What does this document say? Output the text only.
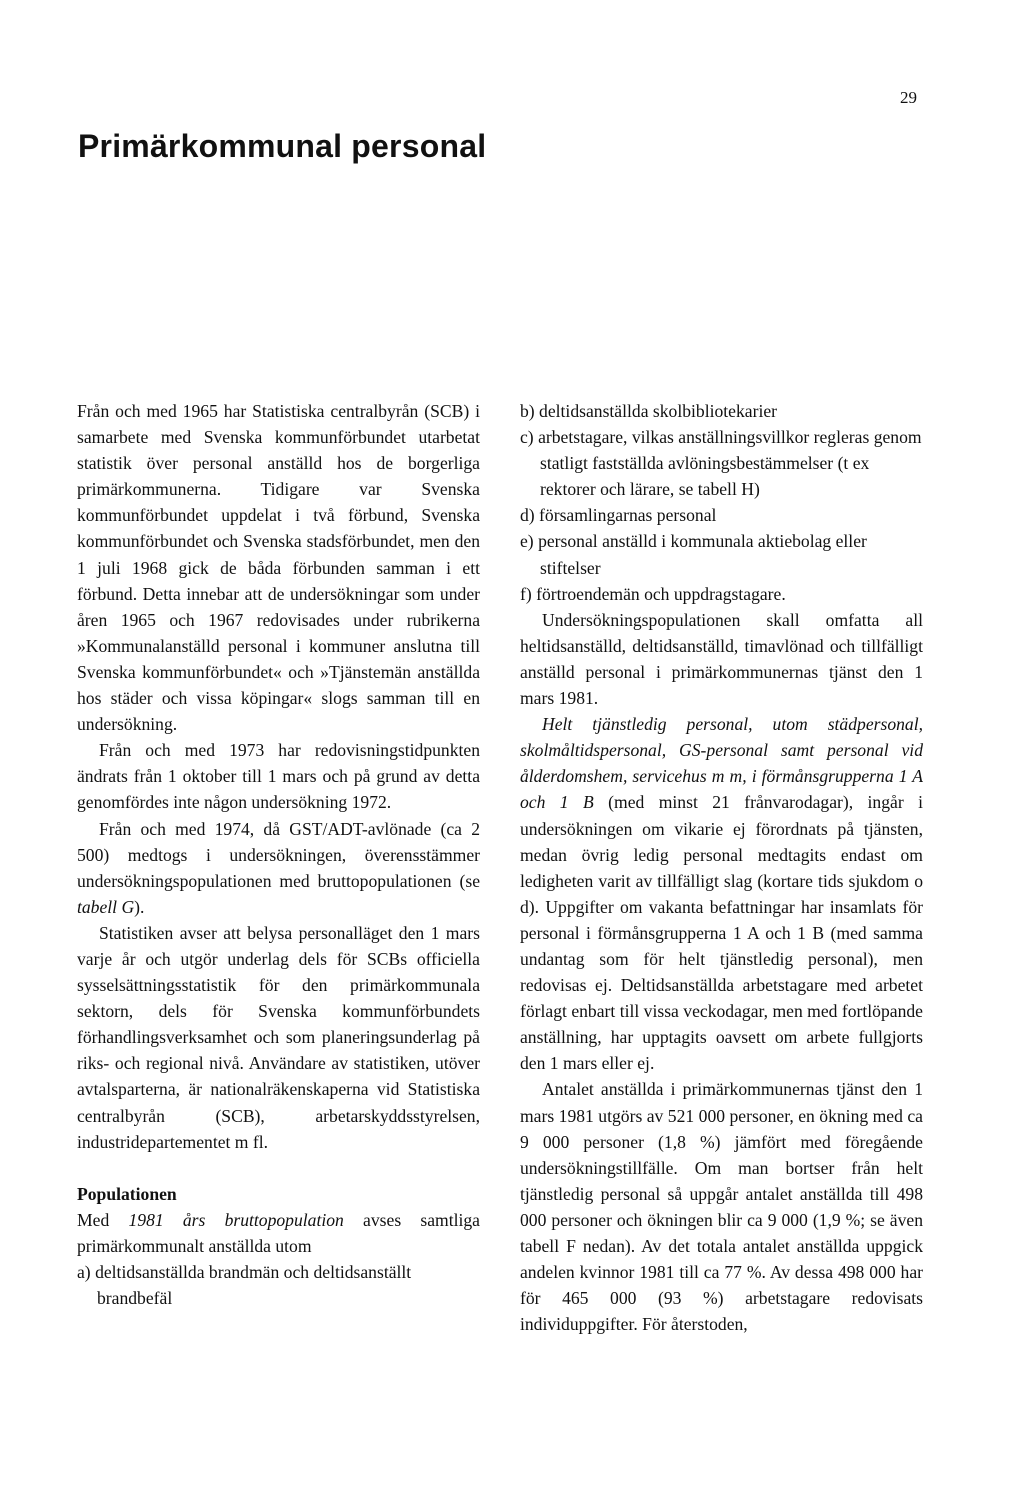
29
Primärkommunal personal

Från och med 1965 har Statistiska centralbyrån (SCB) i samarbete med Svenska kommunförbundet utarbetat statistik över personal anställd hos de borgerliga primärkommunerna. Tidigare var Svenska kommunförbundet uppdelat i två förbund, Svenska kommunförbundet och Svenska stadsförbundet, men den 1 juli 1968 gick de båda förbunden samman i ett förbund. Detta innebar att de undersökningar som under åren 1965 och 1967 redovisades under rubrikerna »Kommunalanställd personal i kommuner anslutna till Svenska kommunförbundet« och »Tjänstemän anställda hos städer och vissa köpingar« slogs samman till en undersökning.

Från och med 1973 har redovisningstidpunkten ändrats från 1 oktober till 1 mars och på grund av detta genomfördes inte någon undersökning 1972.

Från och med 1974, då GST/ADT-avlönade (ca 2 500) medtogs i undersökningen, överensstämmer undersökningspopulationen med bruttopopulationen (se tabell G).

Statistiken avser att belysa personalläget den 1 mars varje år och utgör underlag dels för SCBs officiella sysselsättningsstatistik för den primärkommunala sektorn, dels för Svenska kommunförbundets förhandlingsverksamhet och som planeringsunderlag på riks- och regional nivå. Användare av statistiken, utöver avtalsparterna, är nationalräkenskaperna vid Statistiska centralbyrån (SCB), arbetarskyddsstyrelsen, industridepartementet m fl.

Populationen

Med 1981 års bruttopopulation avses samtliga primärkommunalt anställda utom

a) deltidsanställda brandmän och deltidsanställt brandbefäl

b) deltidsanställda skolbibliotekarier

c) arbetstagare, vilkas anställningsvillkor regleras genom statligt fastställda avlöningsbestämmelser (t ex rektorer och lärare, se tabell H)

d) församlingarnas personal

e) personal anställd i kommunala aktiebolag eller stiftelser

f) förtroendemän och uppdragstagare.

Undersökningspopulationen skall omfatta all heltidsanställd, deltidsanställd, timavlönad och tillfälligt anställd personal i primärkommunernas tjänst den 1 mars 1981.

Helt tjänstledig personal, utom städpersonal, skolmåltidspersonal, GS-personal samt personal vid ålderdomshem, servicehus m m, i förmånsgrupperna 1 A och 1 B (med minst 21 frånvarodagar), ingår i undersökningen om vikarie ej förordnats på tjänsten, medan övrig ledig personal medtagits endast om ledigheten varit av tillfälligt slag (kortare tids sjukdom o d). Uppgifter om vakanta befattningar har insamlats för personal i förmånsgrupperna 1 A och 1 B (med samma undantag som för helt tjänstledig personal), men redovisas ej. Deltidsanställda arbetstagare med arbetet förlagt enbart till vissa veckodagar, men med fortlöpande anställning, har upptagits oavsett om arbete fullgjorts den 1 mars eller ej.

Antalet anställda i primärkommunernas tjänst den 1 mars 1981 utgörs av 521 000 personer, en ökning med ca 9 000 personer (1,8 %) jämfört med föregående undersökningstillfälle. Om man bortser från helt tjänstledig personal så uppgår antalet anställda till 498 000 personer och ökningen blir ca 9 000 (1,9 %; se även tabell F nedan). Av det totala antalet anställda uppgick andelen kvinnor 1981 till ca 77 %. Av dessa 498 000 har för 465 000 (93 %) arbetstagare redovisats individuppgifter. För återstoden,
